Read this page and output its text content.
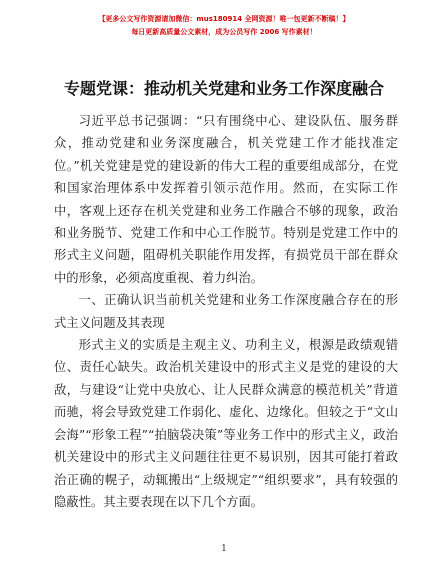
【更多公文写作资源请加微信：mus180914 全网资源！唯一包更新不断稿！】
每日更新高质量公文素材，成为公员写作 2006 写作素材！
专题党课：推动机关党建和业务工作深度融合

习近平总书记强调：“只有围绕中心、建设队伍、服务群众，推动党建和业务深度融合，机关党建工作才能找准定位。”机关党建是党的建设新的伟大工程的重要组成部分，在党和国家治理体系中发挥着引领示范作用。然而，在实际工作中，客观上还存在机关党建和业务工作融合不够的现象，政治和业务脱节、党建工作和中心工作脱节。特别是党建工作中的形式主义问题，阻碍机关职能作用发挥，有损党员干部在群众中的形象，必须高度重视、着力纠治。

一、正确认识当前机关党建和业务工作深度融合存在的形式主义问题及其表现

形式主义的实质是主观主义、功利主义，根源是政绩观错位、责任心缺失。政治机关建设中的形式主义是党的建设的大敌，与建设“让党中央放心、让人民群众满意的模范机关”背道而驰，将会导致党建工作弱化、虚化、边缘化。但较之于“文山会海”“形象工程”“拍脑袋决策”等业务工作中的形式主义，政治机关建设中的形式主义问题往往更不易识别，因其可能打着政治正确的幌子，动辄搬出“上级规定”“组织要求”，具有较强的隐蔽性。其主要表现在以下几个方面。

1
